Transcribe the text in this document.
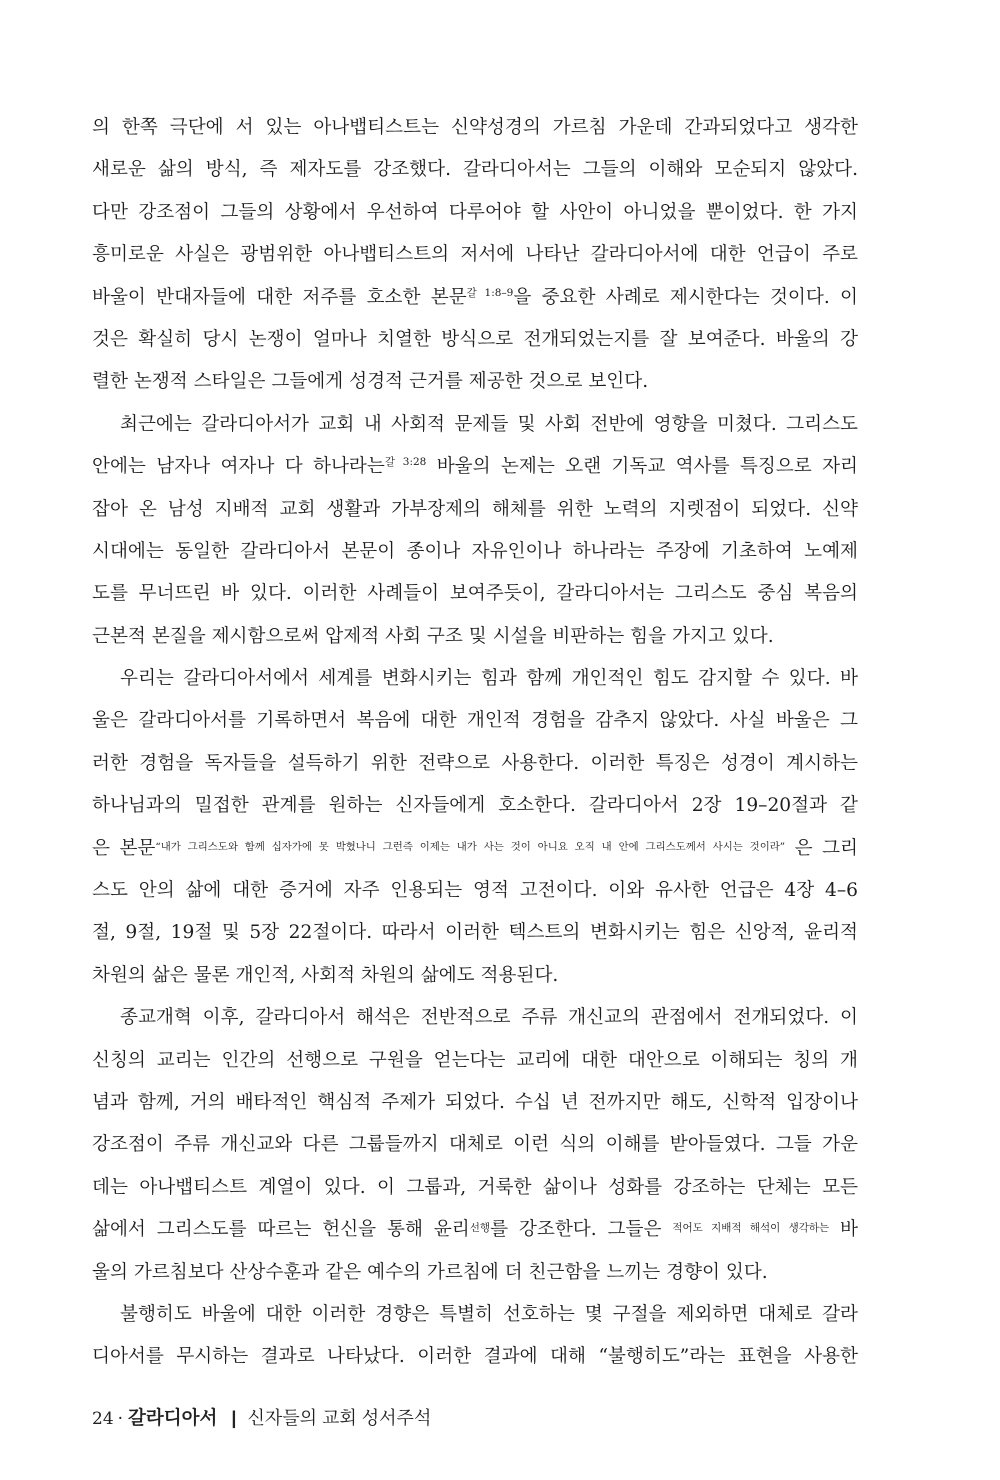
의 한쪽 극단에 서 있는 아나뱁티스트는 신약성경의 가르침 가운데 간과되었다고 생각한
새로운 삶의 방식, 즉 제자도를 강조했다. 갈라디아서는 그들의 이해와 모순되지 않았다.
다만 강조점이 그들의 상황에서 우선하여 다루어야 할 사안이 아니었을 뿐이었다. 한 가지
흥미로운 사실은 광범위한 아나뱁티스트의 저서에 나타난 갈라디아서에 대한 언급이 주로
바울이 반대자들에 대한 저주를 호소한 본문$^{갈 1:8-9}$을 중요한 사례로 제시한다는 것이다. 이
것은 확실히 당시 논쟁이 얼마나 치열한 방식으로 전개되었는지를 잘 보여준다. 바울의 강
렬한 논쟁적 스타일은 그들에게 성경적 근거를 제공한 것으로 보인다.
최근에는 갈라디아서가 교회 내 사회적 문제들 및 사회 전반에 영향을 미쳤다. 그리스도
안에는 남자나 여자나 다 하나라는$^{갈 3:28}$ 바울의 논제는 오랜 기독교 역사를 특징으로 자리
잡아 온 남성 지배적 교회 생활과 가부장제의 해체를 위한 노력의 지렛점이 되었다. 신약
시대에는 동일한 갈라디아서 본문이 종이나 자유인이나 하나라는 주장에 기초하여 노예제
도를 무너뜨린 바 있다. 이러한 사례들이 보여주듯이, 갈라디아서는 그리스도 중심 복음의
근본적 본질을 제시함으로써 압제적 사회 구조 및 시설을 비판하는 힘을 가지고 있다.
우리는 갈라디아서에서 세계를 변화시키는 힘과 함께 개인적인 힘도 감지할 수 있다. 바
울은 갈라디아서를 기록하면서 복음에 대한 개인적 경험을 감추지 않았다. 사실 바울은 그
러한 경험을 독자들을 설득하기 위한 전략으로 사용한다. 이러한 특징은 성경이 계시하는
하나님과의 밀접한 관계를 원하는 신자들에게 호소한다. 갈라디아서 2장 19–20절과 같
은 본문$^{“내가 그리스도와 함께 십자가에 못 박혔나니 그런즉 이제는 내가 사는 것이 아니요 오직 내 안에 그리스도께서 사시는 것이라”}$ 은 그리
스도 안의 삶에 대한 증거에 자주 인용되는 영적 고전이다. 이와 유사한 언급은 4장 4–6
절, 9절, 19절 및 5장 22절이다. 따라서 이러한 텍스트의 변화시키는 힘은 신앙적, 윤리적
차원의 삶은 물론 개인적, 사회적 차원의 삶에도 적용된다.
종교개혁 이후, 갈라디아서 해석은 전반적으로 주류 개신교의 관점에서 전개되었다. 이
신칭의 교리는 인간의 선행으로 구원을 얻는다는 교리에 대한 대안으로 이해되는 칭의 개
념과 함께, 거의 배타적인 핵심적 주제가 되었다. 수십 년 전까지만 해도, 신학적 입장이나
강조점이 주류 개신교와 다른 그룹들까지 대체로 이런 식의 이해를 받아들였다. 그들 가운
데는 아나뱁티스트 계열이 있다. 이 그룹과, 거룩한 삶이나 성화를 강조하는 단체는 모든
삶에서 그리스도를 따르는 헌신을 통해 윤리$^{선행}$를 강조한다. 그들은 $^{적어도 지배적 해석이 생각하는}$ 바
울의 가르침보다 산상수훈과 같은 예수의 가르침에 더 친근함을 느끼는 경향이 있다.
불행히도 바울에 대한 이러한 경향은 특별히 선호하는 몇 구절을 제외하면 대체로 갈라
디아서를 무시하는 결과로 나타났다. 이러한 결과에 대해 “불행히도”라는 표현을 사용한
24 · 갈라디아서 | 신자들의 교회 성서주석
